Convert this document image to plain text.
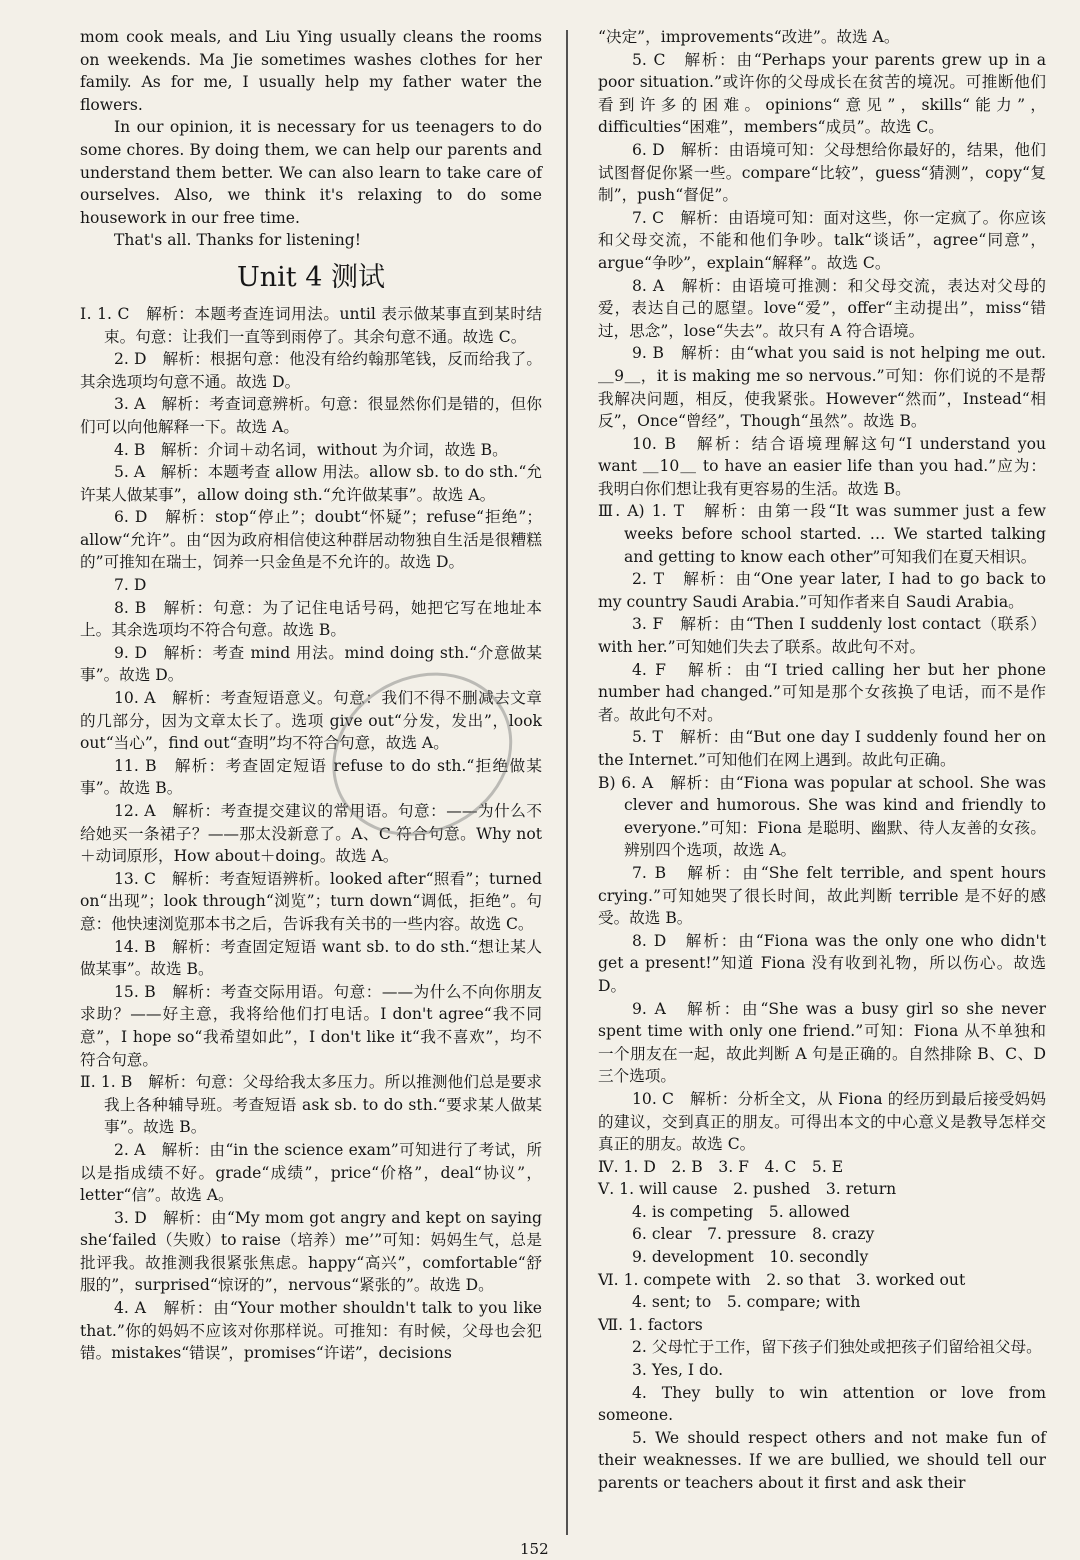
mom cook meals, and Liu Ying usually cleans the rooms on weekends. Ma Jie sometimes washes clothes for her family. As for me, I usually help my father water the flowers.

In our opinion, it is necessary for us teenagers to do some chores. By doing them, we can help our parents and understand them better. We can also learn to take care of ourselves. Also, we think it's relaxing to do some housework in our free time.

That's all. Thanks for listening!

Unit 4 测试

Ⅰ. 1. C　解析：本题考查连词用法。until 表示做某事直到某时结束。句意：让我们一直等到雨停了。其余句意不通。故选 C。

2. D　解析：根据句意：他没有给约翰那笔钱，反而给我了。其余选项均句意不通。故选 D。

3. A　解析：考查词意辨析。句意：很显然你们是错的，但你们可以向他解释一下。故选 A。

4. B　解析：介词＋动名词，without 为介词，故选 B。

5. A　解析：本题考查 allow 用法。allow sb. to do sth.“允许某人做某事”，allow doing sth.“允许做某事”。故选 A。

6. D　解析：stop“停止”；doubt“怀疑”；refuse“拒绝”；allow“允许”。由“因为政府相信使这种群居动物独自生活是很糟糕的”可推知在瑞士，饲养一只金鱼是不允许的。故选 D。

7. D

8. B　解析：句意：为了记住电话号码，她把它写在地址本上。其余选项均不符合句意。故选 B。

9. D　解析：考查 mind 用法。mind doing sth.“介意做某事”。故选 D。

10. A　解析：考查短语意义。句意：我们不得不删减去文章的几部分，因为文章太长了。选项 give out“分发，发出”，look out“当心”，find out“查明”均不符合句意，故选 A。

11. B　解析：考查固定短语 refuse to do sth.“拒绝做某事”。故选 B。

12. A　解析：考查提交建议的常用语。句意：——为什么不给她买一条裙子？——那太没新意了。A、C 符合句意。Why not＋动词原形，How about＋doing。故选 A。

13. C　解析：考查短语辨析。looked after“照看”；turned on“出现”；look through“浏览”；turn down“调低，拒绝”。句意：他快速浏览那本书之后，告诉我有关书的一些内容。故选 C。

14. B　解析：考查固定短语 want sb. to do sth.“想让某人做某事”。故选 B。

15. B　解析：考查交际用语。句意：——为什么不向你朋友求助？——好主意，我将给他们打电话。I don't agree“我不同意”，I hope so“我希望如此”，I don't like it“我不喜欢”，均不符合句意。

Ⅱ. 1. B　解析：句意：父母给我太多压力。所以推测他们总是要求我上各种辅导班。考查短语 ask sb. to do sth.“要求某人做某事”。故选 B。

2. A　解析：由“in the science exam”可知进行了考试，所以是指成绩不好。grade“成绩”，price“价格”，deal“协议”，letter“信”。故选 A。

3. D　解析：由“My mom got angry and kept on saying she‘failed（失败）to raise（培养）me’”可知：妈妈生气，总是批评我。故推测我很紧张焦虑。happy“高兴”，comfortable“舒服的”，surprised“惊讶的”，nervous“紧张的”。故选 D。

4. A　解析：由“Your mother shouldn't talk to you like that.”你的妈妈不应该对你那样说。可推知：有时候，父母也会犯错。mistakes“错误”，promises“许诺”，decisions

“决定”，improvements“改进”。故选 A。

5. C　解析：由“Perhaps your parents grew up in a poor situation.”或许你的父母成长在贫苦的境况。可推断他们看到许多的困难。opinions“意见”，skills“能力”，difficulties“困难”，members“成员”。故选 C。

6. D　解析：由语境可知：父母想给你最好的，结果，他们试图督促你紧一些。compare“比较”，guess“猜测”，copy“复制”，push“督促”。

7. C　解析：由语境可知：面对这些，你一定疯了。你应该和父母交流，不能和他们争吵。talk“谈话”，agree“同意”，argue“争吵”，explain“解释”。故选 C。

8. A　解析：由语境可推测：和父母交流，表达对父母的爱，表达自己的愿望。love“爱”，offer“主动提出”，miss“错过，思念”，lose“失去”。故只有 A 符合语境。

9. B　解析：由“what you said is not helping me out. ＿9＿，it is making me so nervous.”可知：你们说的不是帮我解决问题，相反，使我紧张。However“然而”，Instead“相反”，Once“曾经”，Though“虽然”。故选 B。

10. B　解析：结合语境理解这句“I understand you want ＿10＿ to have an easier life than you had.”应为：我明白你们想让我有更容易的生活。故选 B。

Ⅲ. A) 1. T　解析：由第一段“It was summer just a few weeks before school started. … We started talking and getting to know each other”可知我们在夏天相识。

2. T　解析：由“One year later, I had to go back to my country Saudi Arabia.”可知作者来自 Saudi Arabia。

3. F　解析：由“Then I suddenly lost contact（联系）with her.”可知她们失去了联系。故此句不对。

4. F　解析：由“I tried calling her but her phone number had changed.”可知是那个女孩换了电话，而不是作者。故此句不对。

5. T　解析：由“But one day I suddenly found her on the Internet.”可知他们在网上遇到。故此句正确。

B) 6. A　解析：由“Fiona was popular at school. She was clever and humorous. She was kind and friendly to everyone.”可知：Fiona 是聪明、幽默、待人友善的女孩。辨别四个选项，故选 A。

7. B　解析：由“She felt terrible, and spent hours crying.”可知她哭了很长时间，故此判断 terrible 是不好的感受。故选 B。

8. D　解析：由“Fiona was the only one who didn't get a present!”知道 Fiona 没有收到礼物，所以伤心。故选 D。

9. A　解析：由“She was a busy girl so she never spent time with only one friend.”可知：Fiona 从不单独和一个朋友在一起，故此判断 A 句是正确的。自然排除 B、C、D 三个选项。

10. C　解析：分析全文，从 Fiona 的经历到最后接受妈妈的建议，交到真正的朋友。可得出本文的中心意义是教导怎样交真正的朋友。故选 C。

Ⅳ. 1. D　2. B　3. F　4. C　5. E

Ⅴ. 1. will cause　2. pushed　3. return

4. is competing　5. allowed

6. clear　7. pressure　8. crazy

9. development　10. secondly

Ⅵ. 1. compete with　2. so that　3. worked out

4. sent; to　5. compare; with

Ⅶ. 1. factors

2. 父母忙于工作，留下孩子们独处或把孩子们留给祖父母。

3. Yes, I do.

4. They bully to win attention or love from someone.

5. We should respect others and not make fun of their weaknesses. If we are bullied, we should tell our parents or teachers about it first and ask their

152
